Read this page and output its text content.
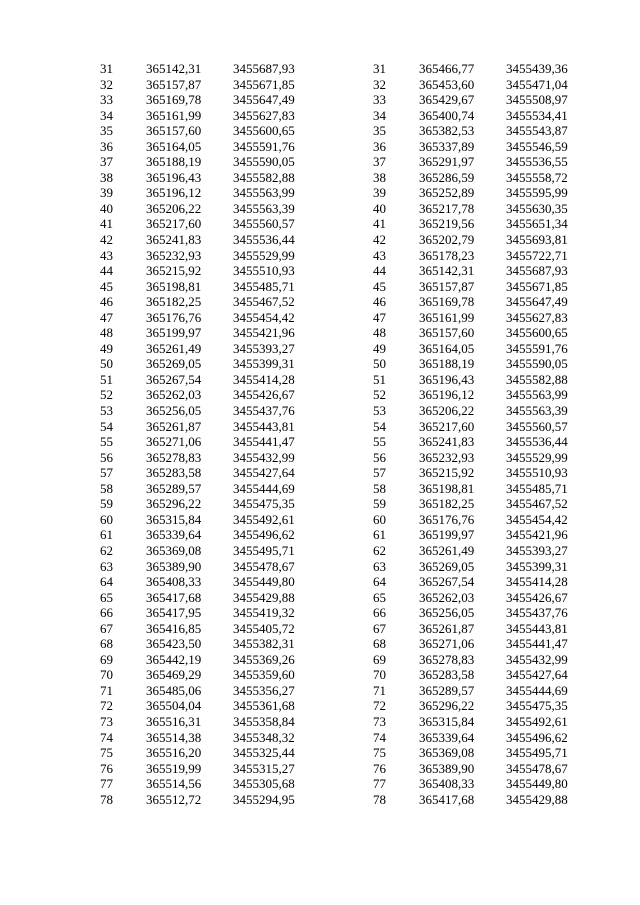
31	365142,31	3455687,93
32	365157,87	3455671,85
33	365169,78	3455647,49
34	365161,99	3455627,83
35	365157,60	3455600,65
36	365164,05	3455591,76
37	365188,19	3455590,05
38	365196,43	3455582,88
39	365196,12	3455563,99
40	365206,22	3455563,39
41	365217,60	3455560,57
42	365241,83	3455536,44
43	365232,93	3455529,99
44	365215,92	3455510,93
45	365198,81	3455485,71
46	365182,25	3455467,52
47	365176,76	3455454,42
48	365199,97	3455421,96
49	365261,49	3455393,27
50	365269,05	3455399,31
51	365267,54	3455414,28
52	365262,03	3455426,67
53	365256,05	3455437,76
54	365261,87	3455443,81
55	365271,06	3455441,47
56	365278,83	3455432,99
57	365283,58	3455427,64
58	365289,57	3455444,69
59	365296,22	3455475,35
60	365315,84	3455492,61
61	365339,64	3455496,62
62	365369,08	3455495,71
63	365389,90	3455478,67
64	365408,33	3455449,80
65	365417,68	3455429,88
66	365417,95	3455419,32
67	365416,85	3455405,72
68	365423,50	3455382,31
69	365442,19	3455369,26
70	365469,29	3455359,60
71	365485,06	3455356,27
72	365504,04	3455361,68
73	365516,31	3455358,84
74	365514,38	3455348,32
75	365516,20	3455325,44
76	365519,99	3455315,27
77	365514,56	3455305,68
78	365512,72	3455294,95
31	365466,77	3455439,36
32	365453,60	3455471,04
33	365429,67	3455508,97
34	365400,74	3455534,41
35	365382,53	3455543,87
36	365337,89	3455546,59
37	365291,97	3455536,55
38	365286,59	3455558,72
39	365252,89	3455595,99
40	365217,78	3455630,35
41	365219,56	3455651,34
42	365202,79	3455693,81
43	365178,23	3455722,71
44	365142,31	3455687,93
45	365157,87	3455671,85
46	365169,78	3455647,49
47	365161,99	3455627,83
48	365157,60	3455600,65
49	365164,05	3455591,76
50	365188,19	3455590,05
51	365196,43	3455582,88
52	365196,12	3455563,99
53	365206,22	3455563,39
54	365217,60	3455560,57
55	365241,83	3455536,44
56	365232,93	3455529,99
57	365215,92	3455510,93
58	365198,81	3455485,71
59	365182,25	3455467,52
60	365176,76	3455454,42
61	365199,97	3455421,96
62	365261,49	3455393,27
63	365269,05	3455399,31
64	365267,54	3455414,28
65	365262,03	3455426,67
66	365256,05	3455437,76
67	365261,87	3455443,81
68	365271,06	3455441,47
69	365278,83	3455432,99
70	365283,58	3455427,64
71	365289,57	3455444,69
72	365296,22	3455475,35
73	365315,84	3455492,61
74	365339,64	3455496,62
75	365369,08	3455495,71
76	365389,90	3455478,67
77	365408,33	3455449,80
78	365417,68	3455429,88
